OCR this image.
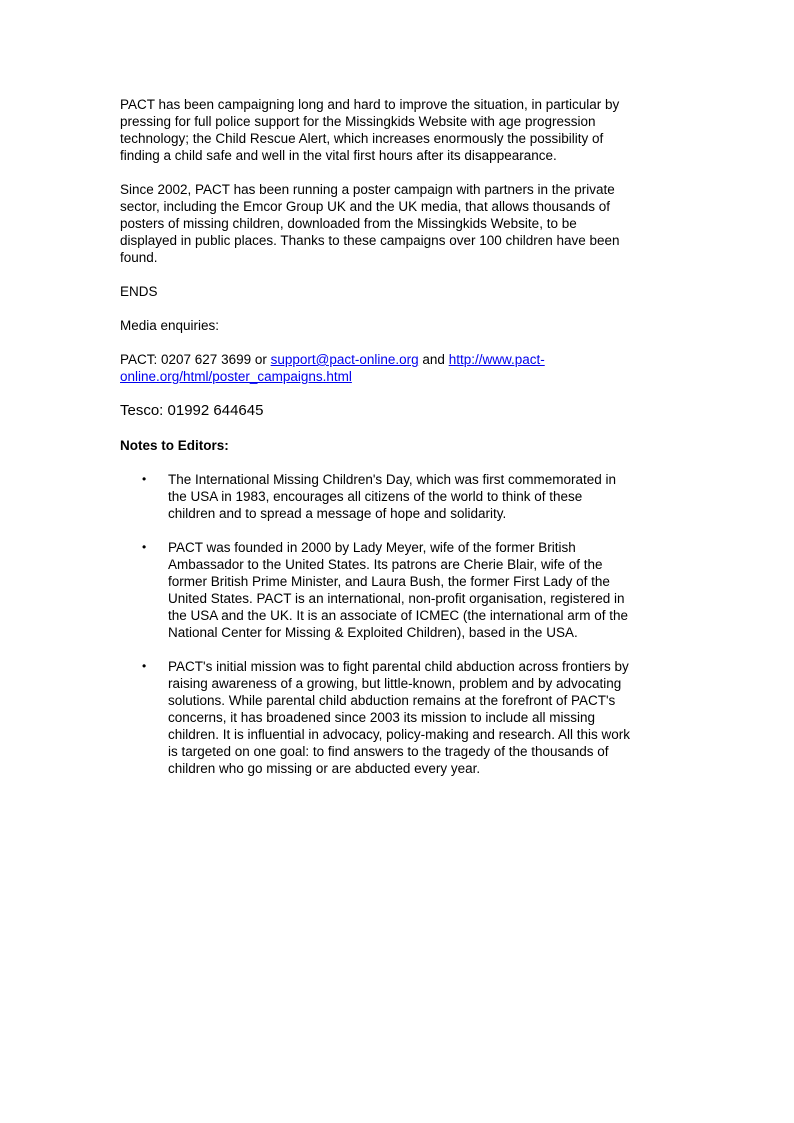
PACT has been campaigning long and hard to improve the situation, in particular by
pressing for full police support for the Missingkids Website with age progression
technology; the Child Rescue Alert, which increases enormously the possibility of
finding a child safe and well in the vital first hours after its disappearance.

Since 2002, PACT has been running a poster campaign with partners in the private
sector, including the Emcor Group UK and the UK media, that allows thousands of
posters of missing children, downloaded from the Missingkids Website, to be
displayed in public places. Thanks to these campaigns over 100 children have been
found.

ENDS

Media enquiries:

PACT: 0207 627 3699 or support@pact-online.org and http://www.pact-
online.org/html/poster_campaigns.html

Tesco: 01992 644645

Notes to Editors:

• The International Missing Children's Day, which was first commemorated in
the USA in 1983, encourages all citizens of the world to think of these
children and to spread a message of hope and solidarity.
• PACT was founded in 2000 by Lady Meyer, wife of the former British
Ambassador to the United States. Its patrons are Cherie Blair, wife of the
former British Prime Minister, and Laura Bush, the former First Lady of the
United States. PACT is an international, non-profit organisation, registered in
the USA and the UK. It is an associate of ICMEC (the international arm of the
National Center for Missing & Exploited Children), based in the USA.
• PACT's initial mission was to fight parental child abduction across frontiers by
raising awareness of a growing, but little-known, problem and by advocating
solutions. While parental child abduction remains at the forefront of PACT's
concerns, it has broadened since 2003 its mission to include all missing
children. It is influential in advocacy, policy-making and research. All this work
is targeted on one goal: to find answers to the tragedy of the thousands of
children who go missing or are abducted every year.
